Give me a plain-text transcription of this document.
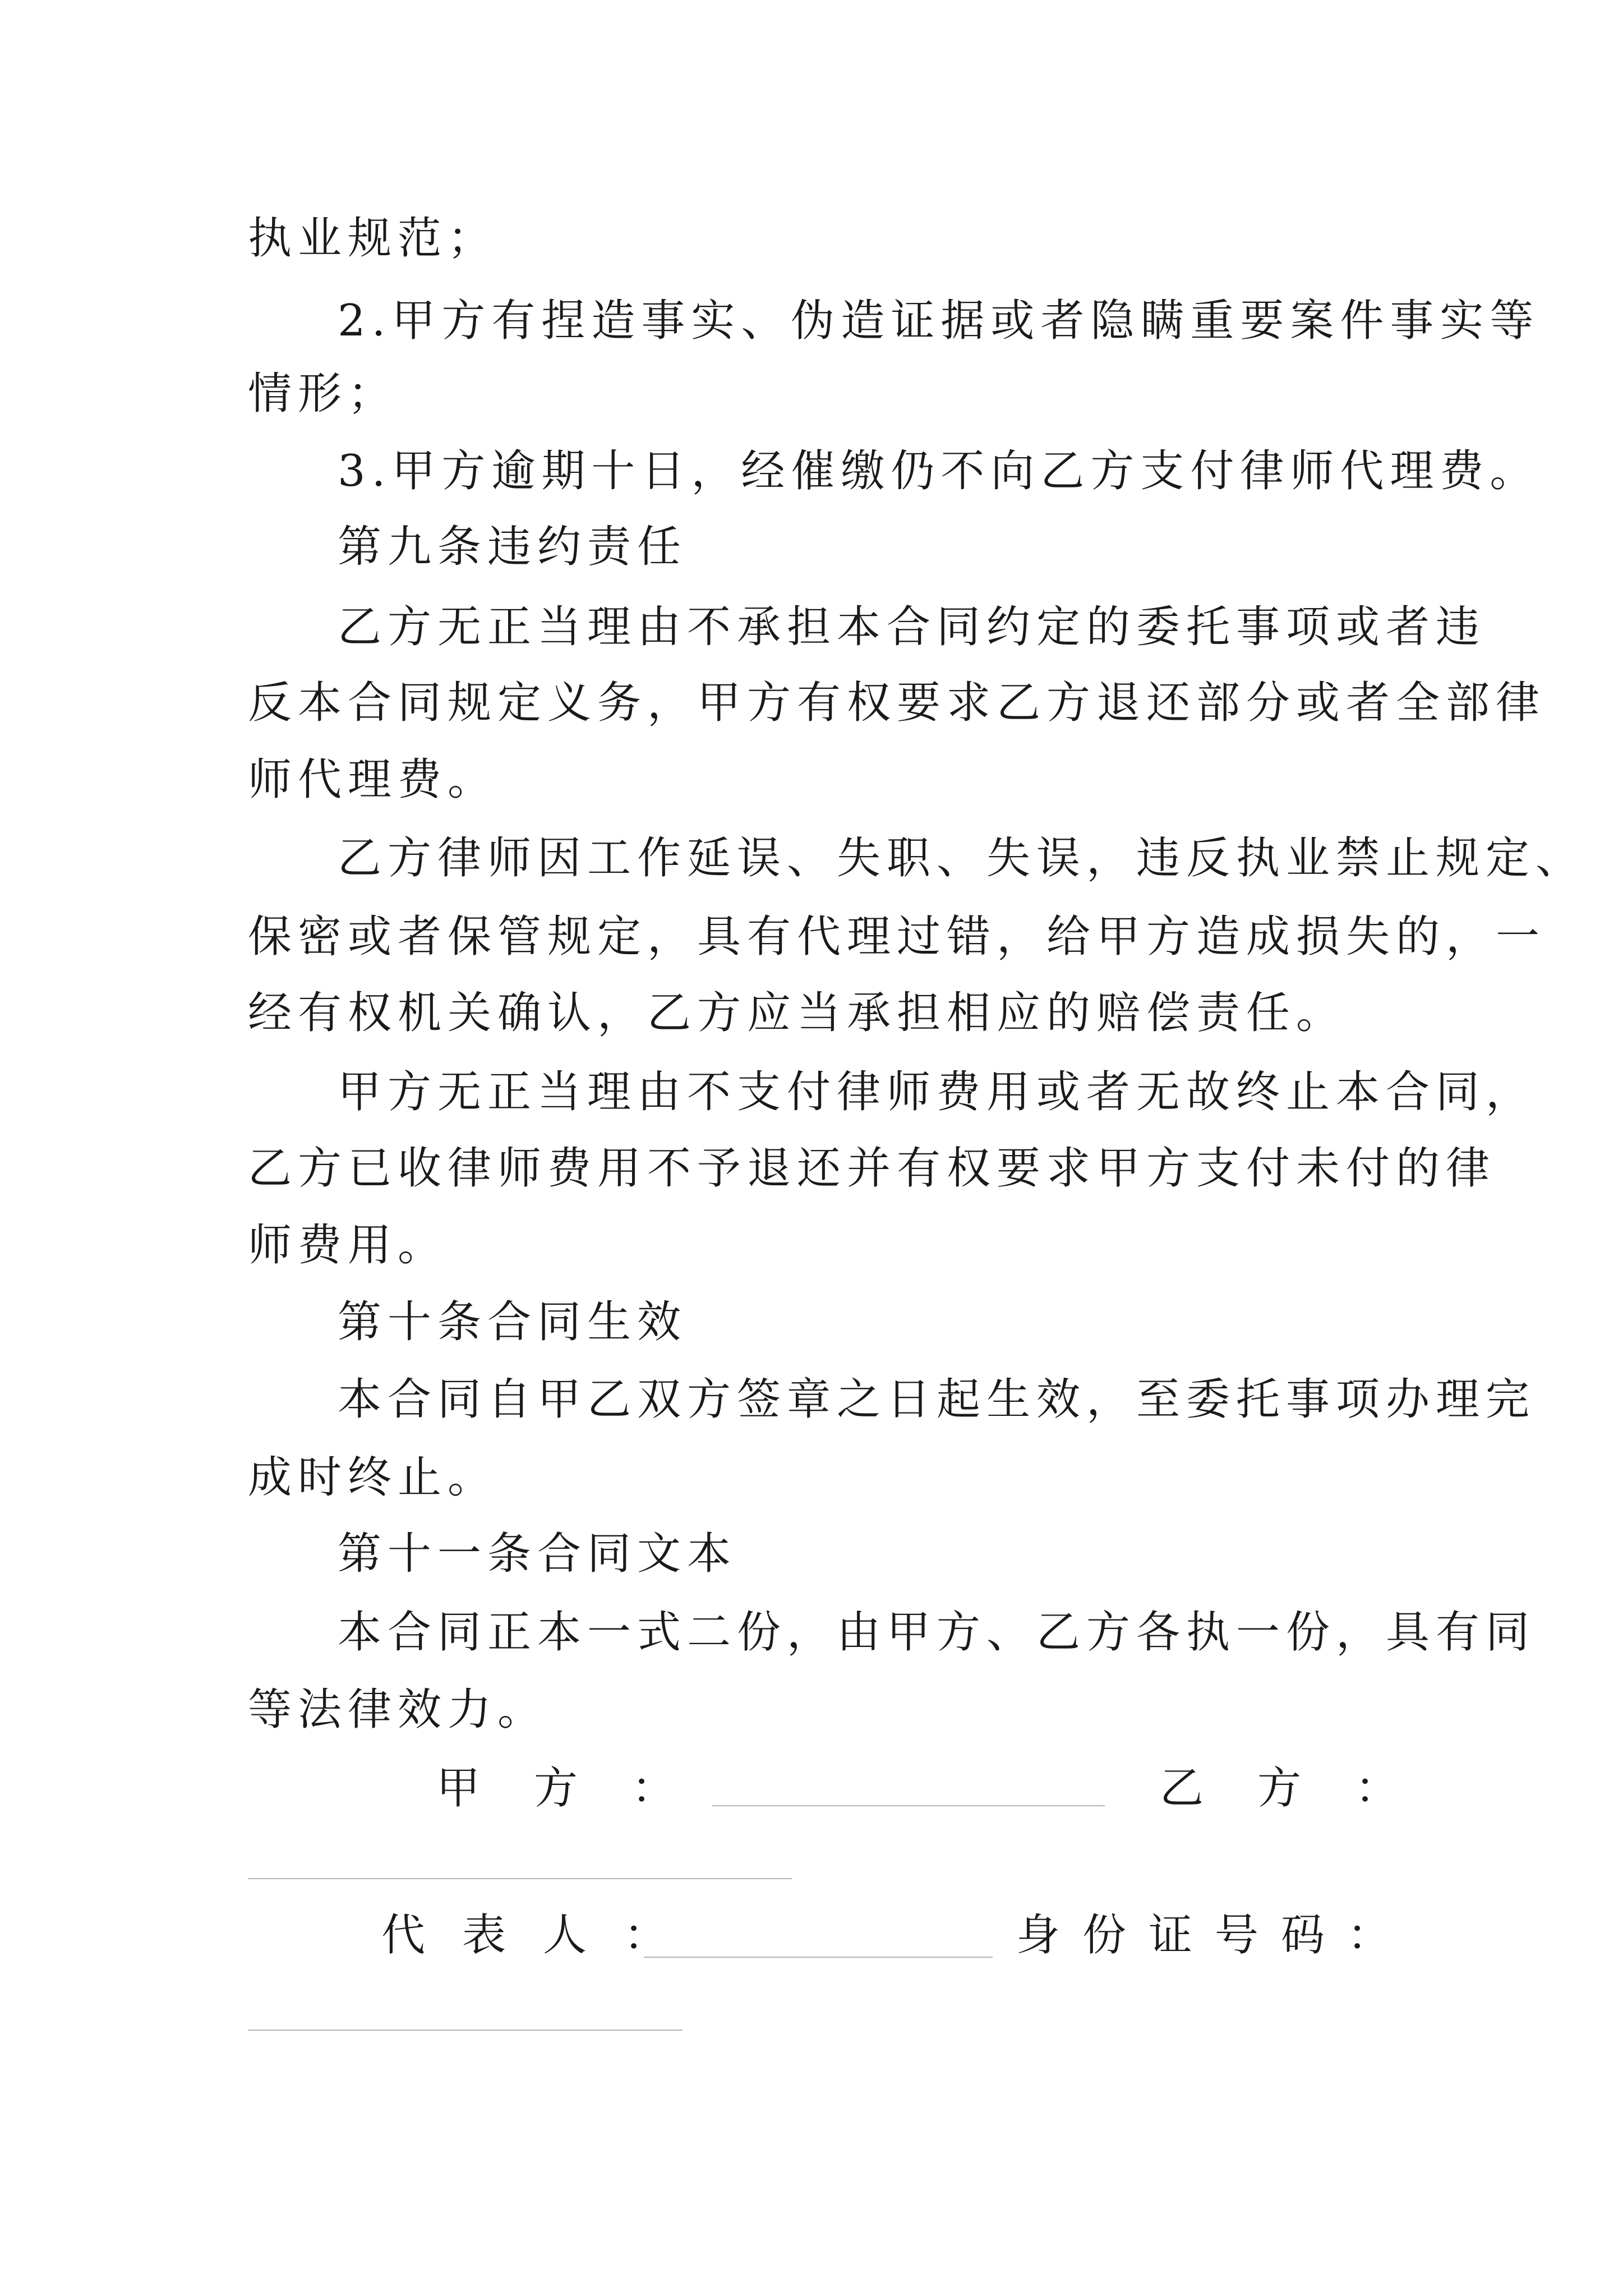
执业规范；
2.甲方有捏造事实、伪造证据或者隐瞒重要案件事实等
情形；
3.甲方逾期十日，经催缴仍不向乙方支付律师代理费。
第九条违约责任
乙方无正当理由不承担本合同约定的委托事项或者违
反本合同规定义务，甲方有权要求乙方退还部分或者全部律
师代理费。
乙方律师因工作延误、失职、失误，违反执业禁止规定、
保密或者保管规定，具有代理过错，给甲方造成损失的，一
经有权机关确认，乙方应当承担相应的赔偿责任。
甲方无正当理由不支付律师费用或者无故终止本合同，
乙方已收律师费用不予退还并有权要求甲方支付未付的律
师费用。
第十条合同生效
本合同自甲乙双方签章之日起生效，至委托事项办理完
成时终止。
第十一条合同文本
本合同正本一式二份，由甲方、乙方各执一份，具有同
等法律效力。
甲方：	乙方：
代表人：	身份证号码：
